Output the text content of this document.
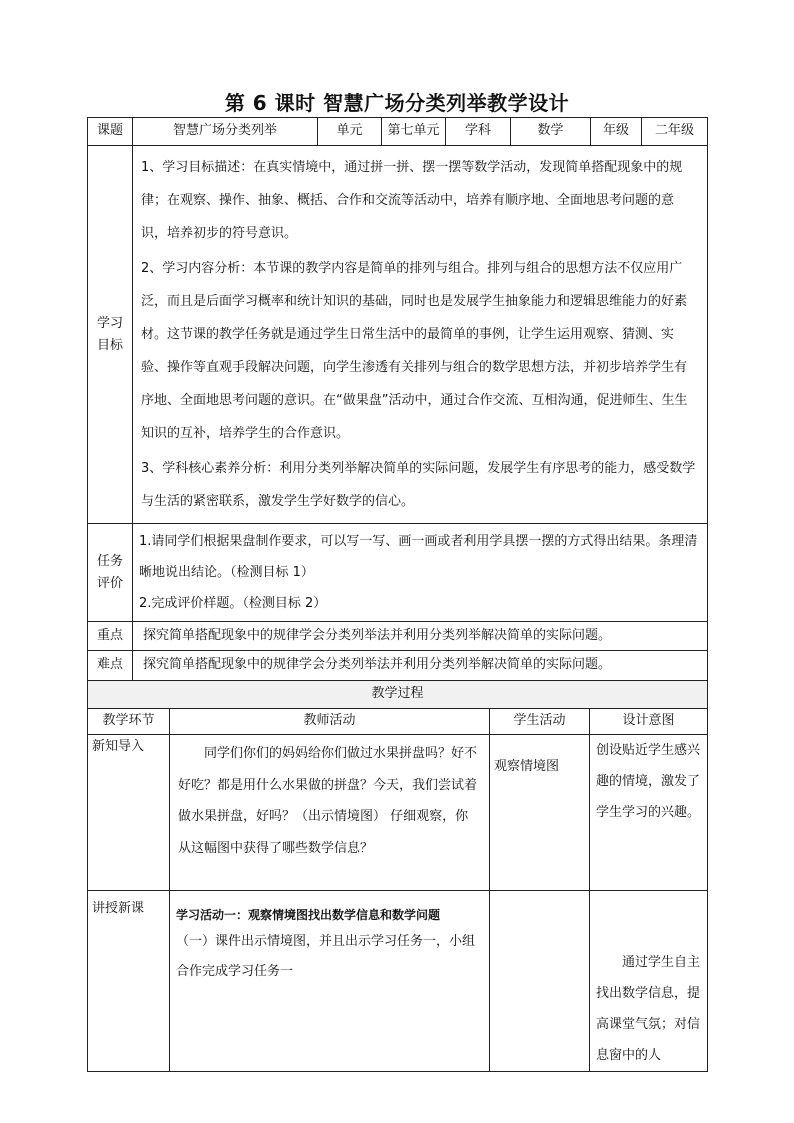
第 6 课时 智慧广场分类列举教学设计
课题	智慧广场分类列举	单元	第七单元	学科	数学	年级	二年级
学习目标	1、学习目标描述：在真实情境中，通过拼一拼、摆一摆等数学活动，发现简单搭配现象中的规律；在观察、操作、抽象、概括、合作和交流等活动中，培养有顺序地、全面地思考问题的意识，培养初步的符号意识。

2、学习内容分析：本节课的教学内容是简单的排列与组合。排列与组合的思想方法不仅应用广泛，而且是后面学习概率和统计知识的基础，同时也是发展学生抽象能力和逻辑思维能力的好素材。这节课的教学任务就是通过学生日常生活中的最简单的事例，让学生运用观察、猜测、实验、操作等直观手段解决问题，向学生渗透有关排列与组合的数学思想方法，并初步培养学生有序地、全面地思考问题的意识。在“做果盘”活动中，通过合作交流、互相沟通，促进师生、生生知识的互补，培养学生的合作意识。

3、学科核心素养分析：利用分类列举解决简单的实际问题，发展学生有序思考的能力，感受数学与生活的紧密联系，激发学生学好数学的信心。						

任务评价	1.请同学们根据果盘制作要求，可以写一写、画一画或者利用学具摆一摆的方式得出结果。条理清晰地说出结论。（检测目标 1）

2.完成评价样题。（检测目标 2）						

重点	探究简单搭配现象中的规律学会分类列举法并利用分类列举解决简单的实际问题。						
难点	探究简单搭配现象中的规律学会分类列举法并利用分类列举解决简单的实际问题。						
教学过程			
教学环节	教师活动	学生活动	设计意图
新知导入	同学们你们的妈妈给你们做过水果拼盘吗？好不好吃？都是用什么水果做的拼盘？今天，我们尝试着做水果拼盘，好吗？（出示情境图） 仔细观察，你从这幅图中获得了哪些数学信息？	观察情境图	创设贴近学生感兴趣的情境，激发了学生学习的兴趣。

讲授新课	学习活动一：观察情境图找出数学信息和数学问题

（一）课件出示情境图，并且出示学习任务一，小组合作完成学习任务一		通过学生自主找出数学信息，提高课堂气氛；对信息窗中的人
